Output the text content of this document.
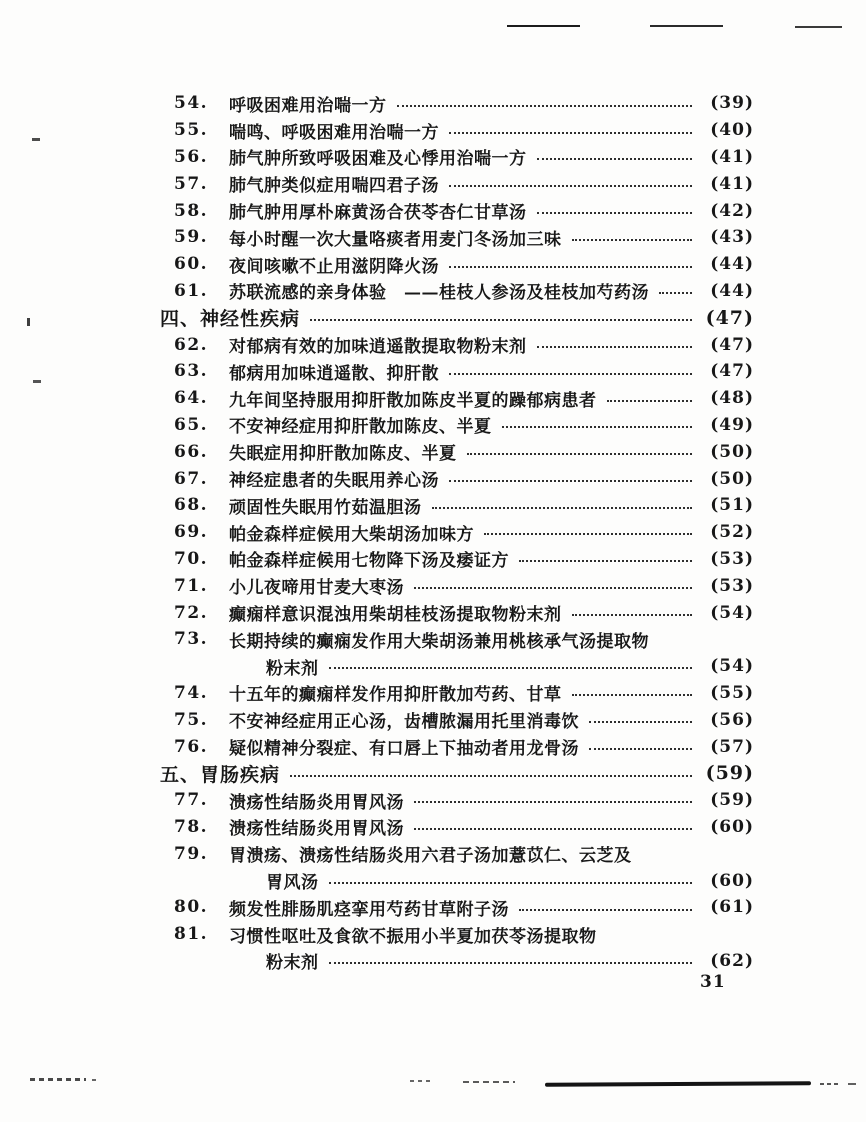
54.	呼吸困难用治喘一方	(39)
55.	喘鸣、呼吸困难用治喘一方	(40)
56.	肺气肿所致呼吸困难及心悸用治喘一方	(41)
57.	肺气肿类似症用喘四君子汤	(41)
58.	肺气肿用厚朴麻黄汤合茯苓杏仁甘草汤	(42)
59.	每小时醒一次大量咯痰者用麦门冬汤加三味	(43)
60.	夜间咳嗽不止用滋阴降火汤	(44)
61.	苏联流感的亲身体验　——桂枝人参汤及桂枝加芍药汤	(44)
四、神经性疾病	(47)
62.	对郁病有效的加味逍遥散提取物粉末剂	(47)
63.	郁病用加味逍遥散、抑肝散	(47)
64.	九年间坚持服用抑肝散加陈皮半夏的躁郁病患者	(48)
65.	不安神经症用抑肝散加陈皮、半夏	(49)
66.	失眠症用抑肝散加陈皮、半夏	(50)
67.	神经症患者的失眠用养心汤	(50)
68.	顽固性失眠用竹茹温胆汤	(51)
69.	帕金森样症候用大柴胡汤加味方	(52)
70.	帕金森样症候用七物降下汤及痿证方	(53)
71.	小儿夜啼用甘麦大枣汤	(53)
72.	癫痫样意识混浊用柴胡桂枝汤提取物粉末剂	(54)
73.	长期持续的癫痫发作用大柴胡汤兼用桃核承气汤提取物
粉末剂	(54)
74.	十五年的癫痫样发作用抑肝散加芍药、甘草	(55)
75.	不安神经症用正心汤，齿槽脓漏用托里消毒饮	(56)
76.	疑似精神分裂症、有口唇上下抽动者用龙骨汤	(57)
五、胃肠疾病	(59)
77.	溃疡性结肠炎用胃风汤	(59)
78.	溃疡性结肠炎用胃风汤	(60)
79.	胃溃疡、溃疡性结肠炎用六君子汤加薏苡仁、云芝及
胃风汤	(60)
80.	频发性腓肠肌痉挛用芍药甘草附子汤	(61)
81.	习惯性呕吐及食欲不振用小半夏加茯苓汤提取物
粉末剂	(62)
31
